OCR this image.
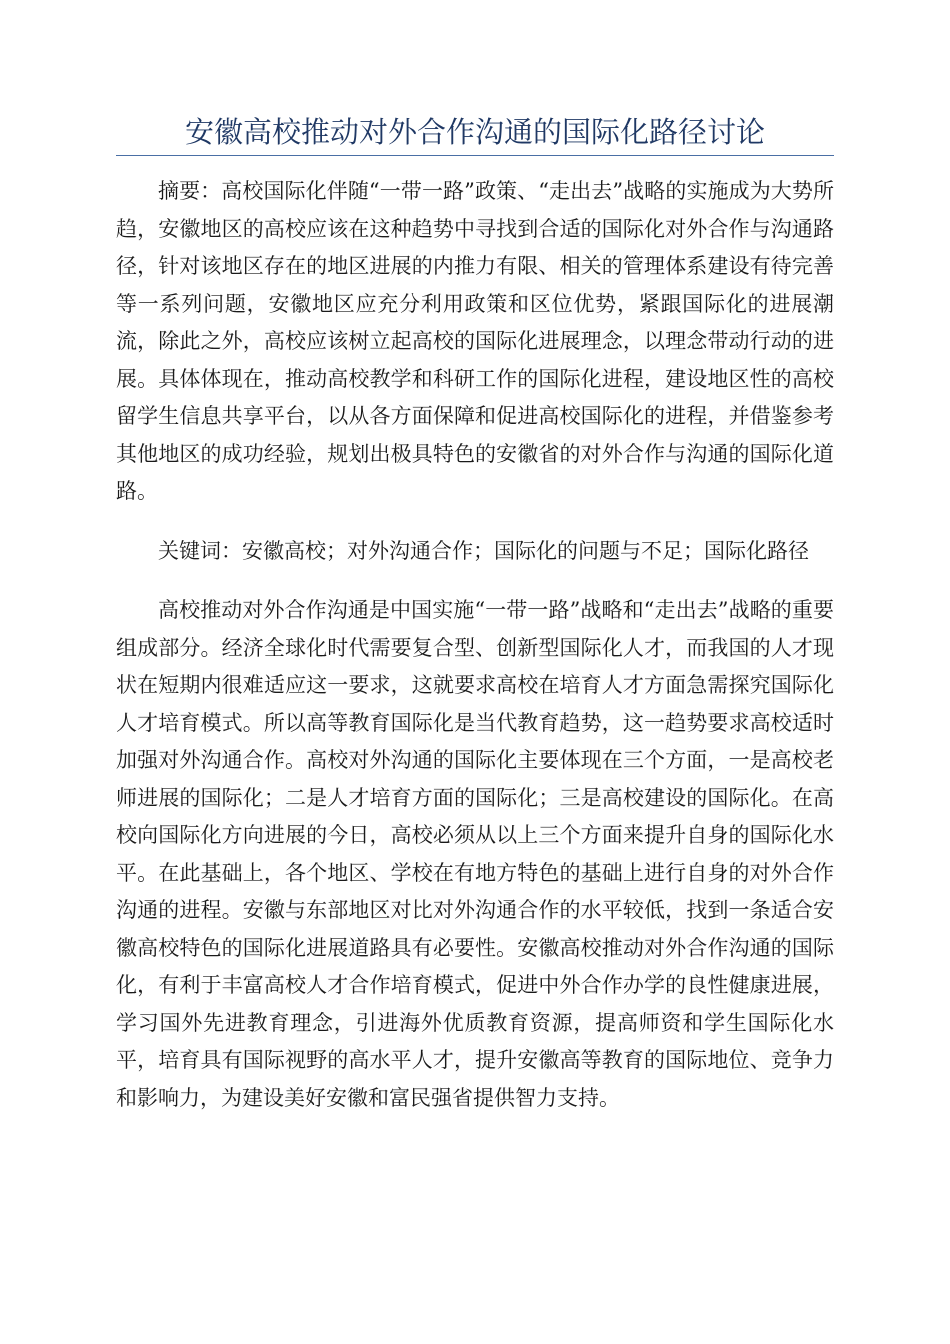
安徽高校推动对外合作沟通的国际化路径讨论

摘要：高校国际化伴随“一带一路”政策、“走出去”战略的实施成为大势所趋，安徽地区的高校应该在这种趋势中寻找到合适的国际化对外合作与沟通路径，针对该地区存在的地区进展的内推力有限、相关的管理体系建设有待完善等一系列问题，安徽地区应充分利用政策和区位优势，紧跟国际化的进展潮流，除此之外，高校应该树立起高校的国际化进展理念，以理念带动行动的进展。具体体现在，推动高校教学和科研工作的国际化进程，建设地区性的高校留学生信息共享平台，以从各方面保障和促进高校国际化的进程，并借鉴参考其他地区的成功经验，规划出极具特色的安徽省的对外合作与沟通的国际化道路。

关键词：安徽高校；对外沟通合作；国际化的问题与不足；国际化路径

高校推动对外合作沟通是中国实施“一带一路”战略和“走出去”战略的重要组成部分。经济全球化时代需要复合型、创新型国际化人才，而我国的人才现状在短期内很难适应这一要求，这就要求高校在培育人才方面急需探究国际化人才培育模式。所以高等教育国际化是当代教育趋势，这一趋势要求高校适时加强对外沟通合作。高校对外沟通的国际化主要体现在三个方面，一是高校老师进展的国际化；二是人才培育方面的国际化；三是高校建设的国际化。在高校向国际化方向进展的今日，高校必须从以上三个方面来提升自身的国际化水平。在此基础上，各个地区、学校在有地方特色的基础上进行自身的对外合作沟通的进程。安徽与东部地区对比对外沟通合作的水平较低，找到一条适合安徽高校特色的国际化进展道路具有必要性。安徽高校推动对外合作沟通的国际化，有利于丰富高校人才合作培育模式，促进中外合作办学的良性健康进展，学习国外先进教育理念，引进海外优质教育资源，提高师资和学生国际化水平，培育具有国际视野的高水平人才，提升安徽高等教育的国际地位、竞争力和影响力，为建设美好安徽和富民强省提供智力支持。
